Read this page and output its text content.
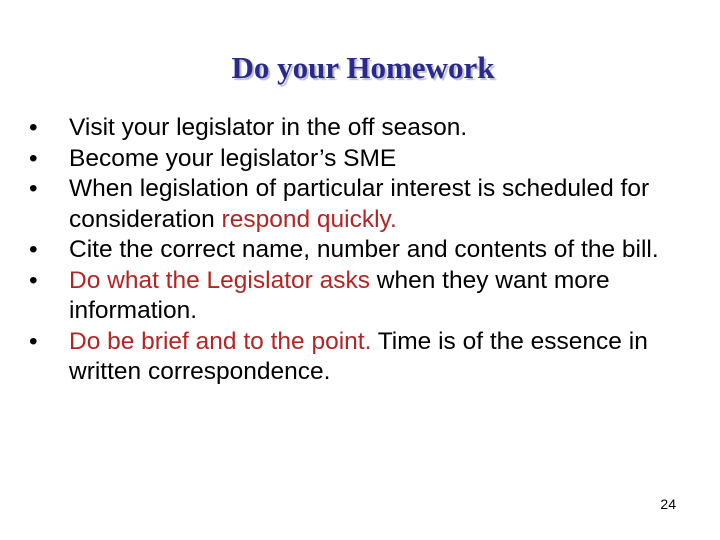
Do your Homework
• Visit your legislator in the off season.
• Become your legislator’s SME
• When legislation of particular interest is scheduled for consideration respond quickly.
• Cite the correct name, number and contents of the bill.
• Do what the Legislator asks when they want more information.
• Do be brief and to the point. Time is of the essence in written correspondence.
24
